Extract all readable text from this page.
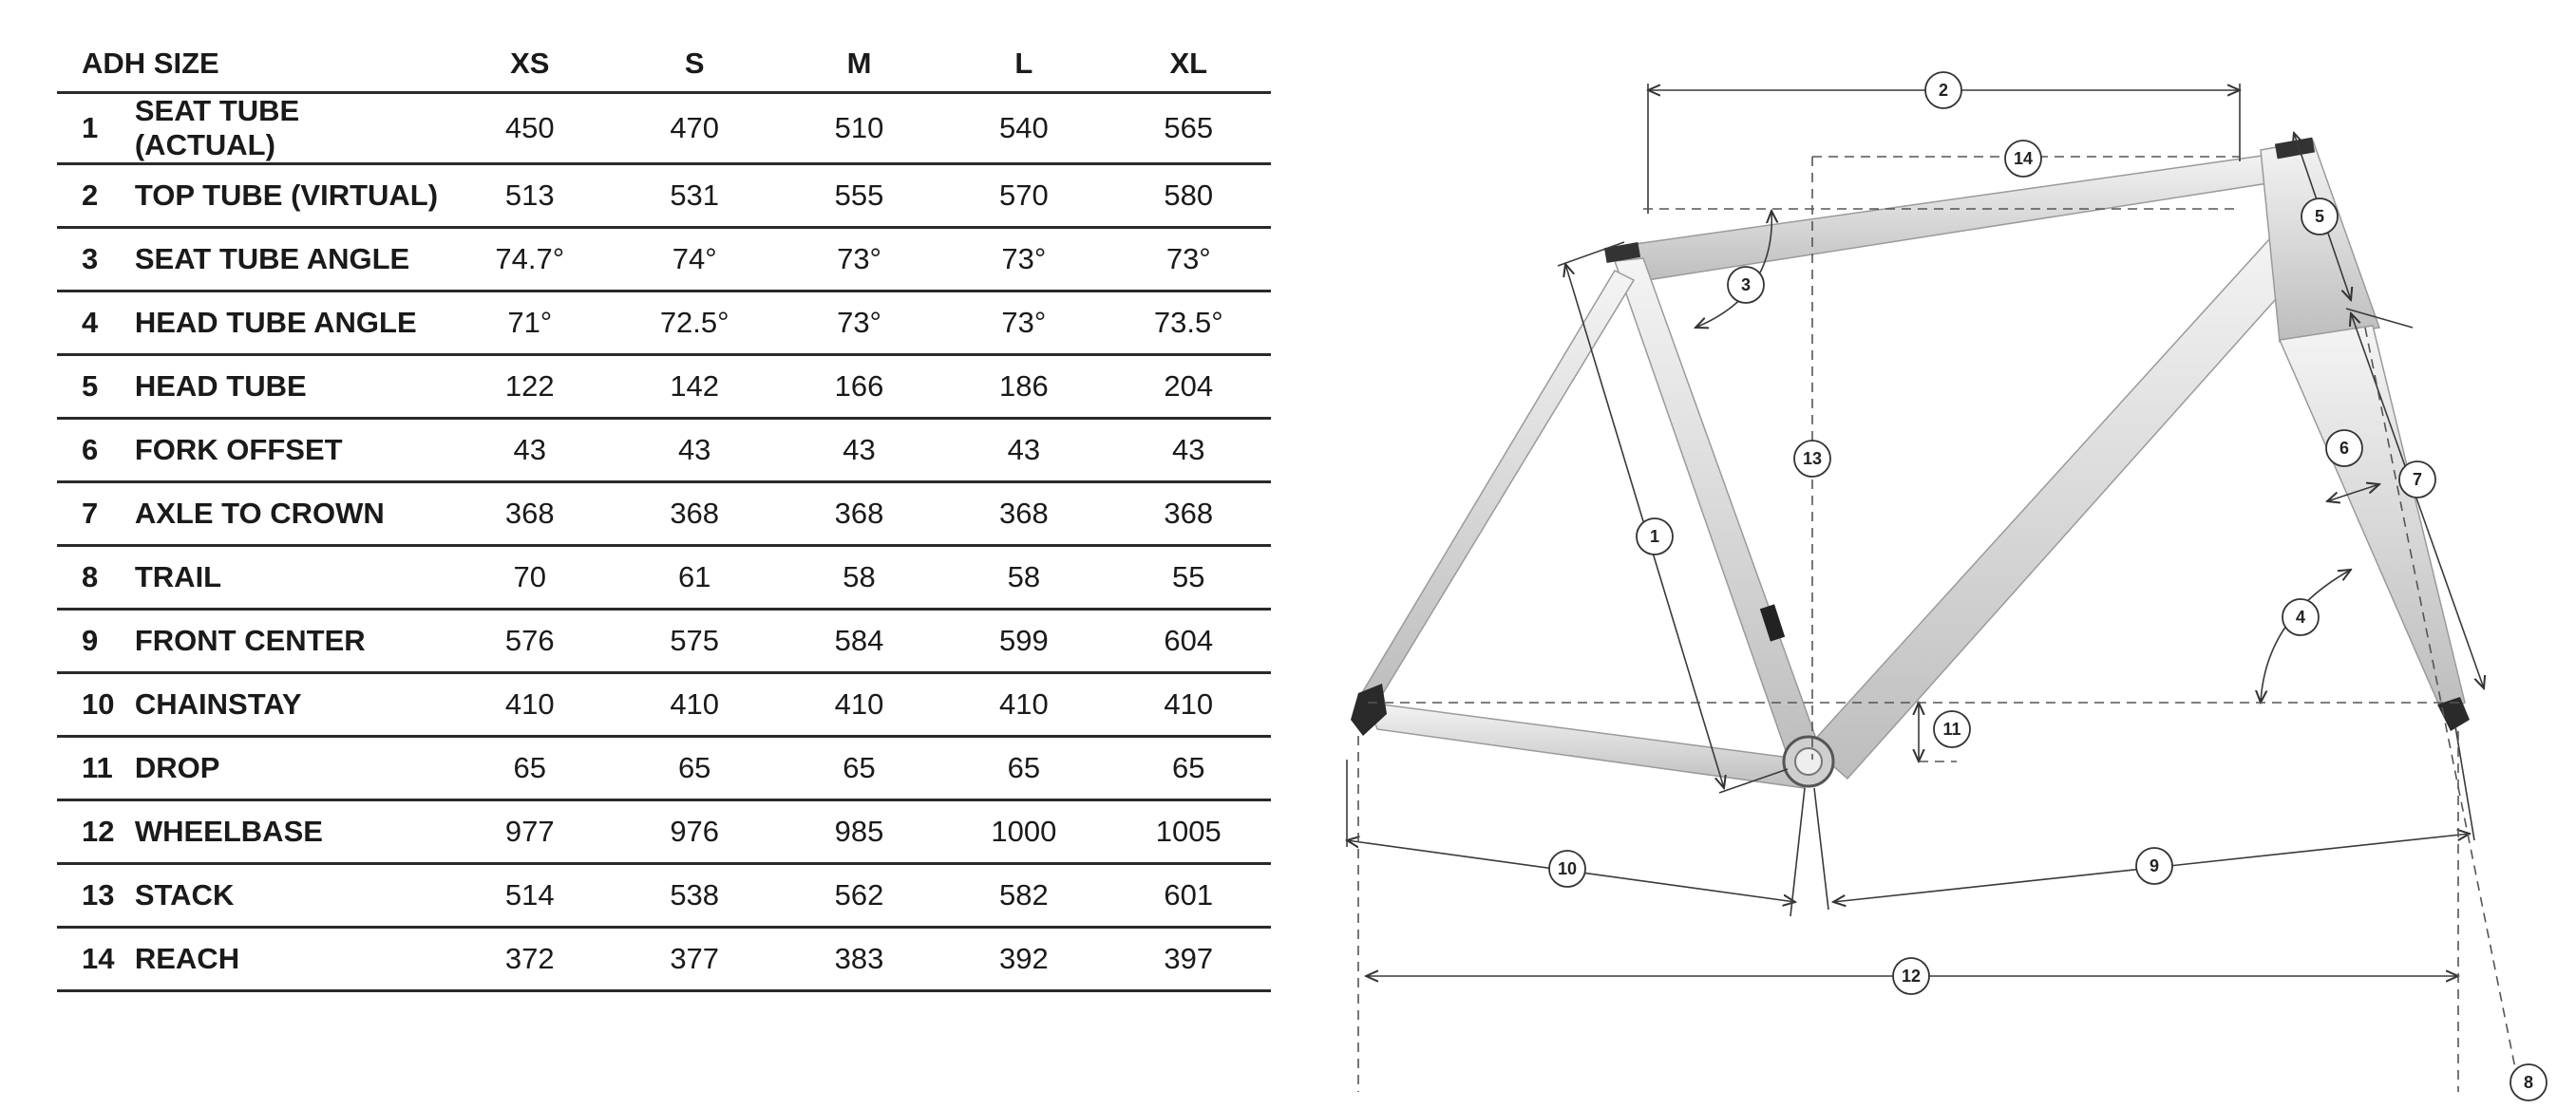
ADH SIZE		XS	S	M	L	XL
1	SEAT TUBE (ACTUAL)	450	470	510	540	565
2	TOP TUBE (VIRTUAL)	513	531	555	570	580
3	SEAT TUBE ANGLE	74.7°	74°	73°	73°	73°
4	HEAD TUBE ANGLE	71°	72.5°	73°	73°	73.5°
5	HEAD TUBE	122	142	166	186	204
6	FORK OFFSET	43	43	43	43	43
7	AXLE TO CROWN	368	368	368	368	368
8	TRAIL	70	61	58	58	55
9	FRONT CENTER	576	575	584	599	604
10	CHAINSTAY	410	410	410	410	410
11	DROP	65	65	65	65	65
12	WHEELBASE	977	976	985	1000	1005
13	STACK	514	538	562	582	601
14	REACH	372	377	383	392	397
1
2
3
4
5
6
7
8
9
10
11
12
13
14
